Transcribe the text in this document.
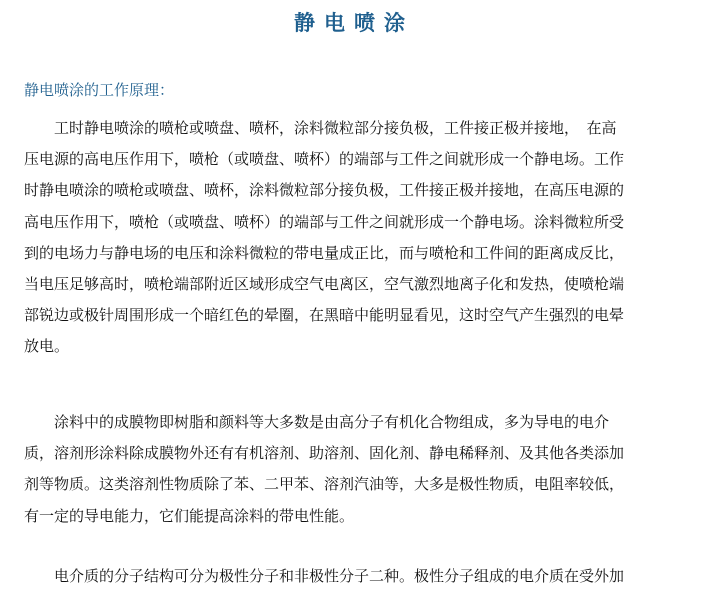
静电喷涂
静电喷涂的工作原理：
　　工时静电喷涂的喷枪或喷盘、喷杯，涂料微粒部分接负极，工件接正极并接地，　在高
压电源的高电压作用下，喷枪（或喷盘、喷杯）的端部与工件之间就形成一个静电场。工作
时静电喷涂的喷枪或喷盘、喷杯，涂料微粒部分接负极，工件接正极并接地，在高压电源的
高电压作用下，喷枪（或喷盘、喷杯）的端部与工件之间就形成一个静电场。涂料微粒所受
到的电场力与静电场的电压和涂料微粒的带电量成正比，而与喷枪和工件间的距离成反比，
当电压足够高时，喷枪端部附近区域形成空气电离区，空气激烈地离子化和发热，使喷枪端
部锐边或极针周围形成一个暗红色的晕圈，在黑暗中能明显看见，这时空气产生强烈的电晕
放电。
　　涂料中的成膜物即树脂和颜料等大多数是由高分子有机化合物组成，多为导电的电介
质，溶剂形涂料除成膜物外还有有机溶剂、助溶剂、固化剂、静电稀释剂、及其他各类添加
剂等物质。这类溶剂性物质除了苯、二甲苯、溶剂汽油等，大多是极性物质，电阻率较低，
有一定的导电能力，它们能提高涂料的带电性能。
　　电介质的分子结构可分为极性分子和非极性分子二种。极性分子组成的电介质在受外加
